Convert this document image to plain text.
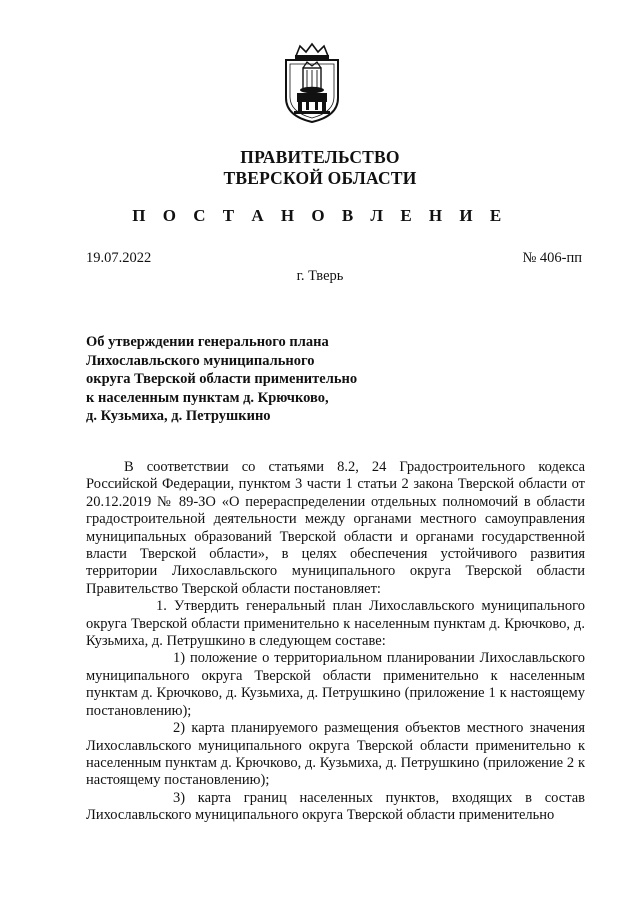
ПРАВИТЕЛЬСТВО
ТВЕРСКОЙ ОБЛАСТИ
П О С Т А Н О В Л Е Н И Е
19.07.2022	№ 406-пп
г. Тверь
Об утверждении генерального плана
Лихославльского муниципального
округа Тверской области применительно
к населенным пунктам д. Крючково,
д. Кузьмиха, д. Петрушкино

В соответствии со статьями 8.2, 24 Градостроительного кодекса Российской Федерации, пунктом 3 части 1 статьи 2 закона Тверской области от 20.12.2019 № 89-ЗО «О перераспределении отдельных полномочий в области градостроительной деятельности между органами местного самоуправления муниципальных образований Тверской области и органами государственной власти Тверской области», в целях обеспечения устойчивого развития территории Лихославльского муниципального округа Тверской области Правительство Тверской области постановляет:

1. Утвердить генеральный план Лихославльского муниципального округа Тверской области применительно к населенным пунктам д. Крючково, д. Кузьмиха, д. Петрушкино в следующем составе:

1) положение о территориальном планировании Лихославльского муниципального округа Тверской области применительно к населенным пунктам д. Крючково, д. Кузьмиха, д. Петрушкино (приложение 1 к настоящему постановлению);

2) карта планируемого размещения объектов местного значения Лихославльского муниципального округа Тверской области применительно к населенным пунктам д. Крючково, д. Кузьмиха, д. Петрушкино (приложение 2 к настоящему постановлению);

3) карта границ населенных пунктов, входящих в состав Лихославльского муниципального округа Тверской области применительно
